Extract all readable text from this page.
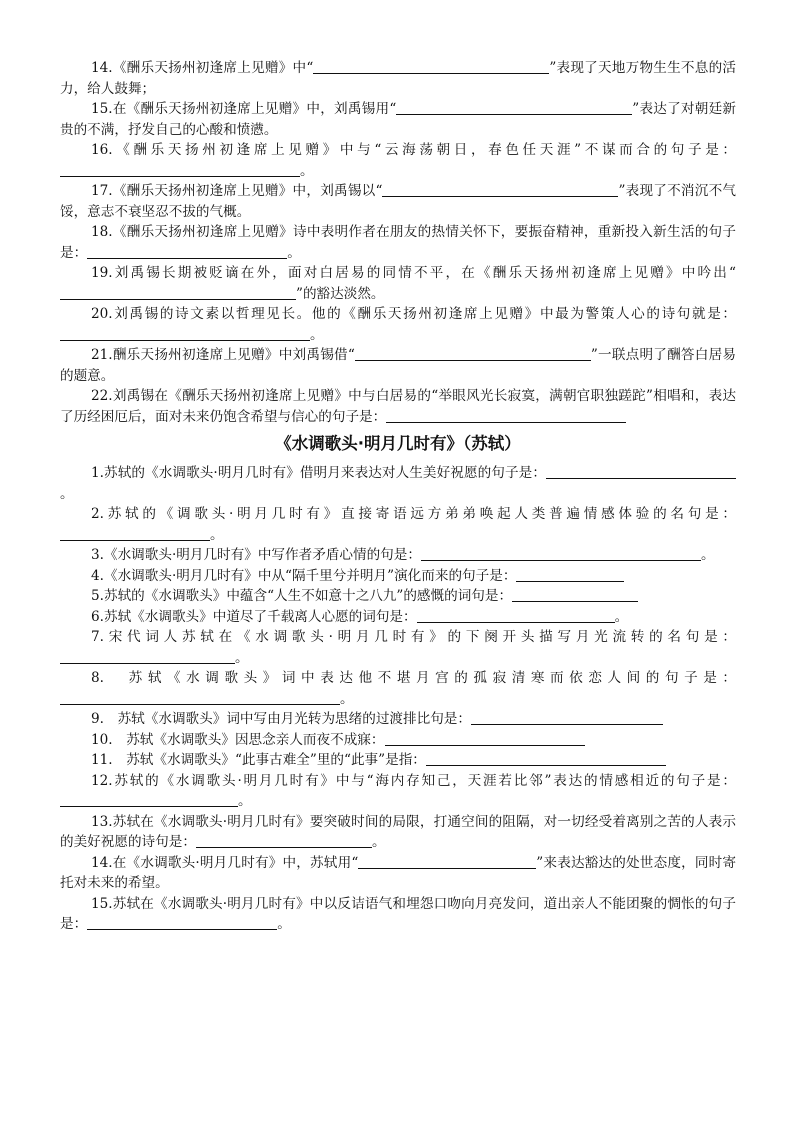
14.《酬乐天扬州初逢席上见赠》中“	”表现了天地万物生生不息的活力，给人鼓舞；

15.在《酬乐天扬州初逢席上见赠》中，刘禹锡用“	”表达了对朝廷新贵的不满，抒发自己的心酸和愤懑。

16.《酬乐天扬州初逢席上见赠》中与“云海荡朝日，春色任天涯”不谋而合的句子是：。

17.《酬乐天扬州初逢席上见赠》中，刘禹锡以“	”表现了不消沉不气馁，意志不衰坚忍不拔的气概。

18.《酬乐天扬州初逢席上见赠》诗中表明作者在朋友的热情关怀下，要振奋精神，重新投入新生活的句子是：	。

19.刘禹锡长期被贬谪在外，面对白居易的同情不平，在《酬乐天扬州初逢席上见赠》中吟出“”的豁达淡然。

20.刘禹锡的诗文素以哲理见长。他的《酬乐天扬州初逢席上见赠》中最为警策人心的诗句就是：。

21.酬乐天扬州初逢席上见赠》中刘禹锡借“	”一联点明了酬答白居易的题意。

22.刘禹锡在《酬乐天扬州初逢席上见赠》中与白居易的“举眼风光长寂寞，满朝官职独蹉跎”相唱和，表达了历经困厄后，面对未来仍饱含希望与信心的句子是：

《水调歌头·明月几时有》（苏轼）

1.苏轼的《水调歌头·明月几时有》借明月来表达对人生美好祝愿的句子是：。

2.苏轼的《调歌头·明月几时有》直接寄语远方弟弟唤起人类普遍情感体验的名句是：。

3.《水调歌头·明月几时有》中写作者矛盾心情的句是：	。

4.《水调歌头·明月几时有》中从“隔千里兮并明月”演化而来的句子是：

5.苏轼的《水调歌头》中蕴含“人生不如意十之八九”的感慨的词句是：

6.苏轼《水调歌头》中道尽了千载离人心愿的词句是：	。

7.宋代词人苏轼在《水调歌头·明月几时有》的下阕开头描写月光流转的名句是：。

8.　苏轼《水调歌头》词中表达他不堪月宫的孤寂清寒而依恋人间的句子是：。

9.　苏轼《水调歌头》词中写由月光转为思绪的过渡排比句是：

10.　苏轼《水调歌头》因思念亲人而夜不成寐：

11.　苏轼《水调歌头》“此事古难全”里的“此事”是指：

12.苏轼的《水调歌头·明月几时有》中与“海内存知己，天涯若比邻”表达的情感相近的句子是：。

13.苏轼在《水调歌头·明月几时有》要突破时间的局限，打通空间的阻隔，对一切经受着离别之苦的人表示的美好祝愿的诗句是：	。

14.在《水调歌头·明月几时有》中，苏轼用“	”来表达豁达的处世态度，同时寄托对未来的希望。

15.苏轼在《水调歌头·明月几时有》中以反诘语气和埋怨口吻向月亮发问，道出亲人不能团聚的惆怅的句子是：	。
